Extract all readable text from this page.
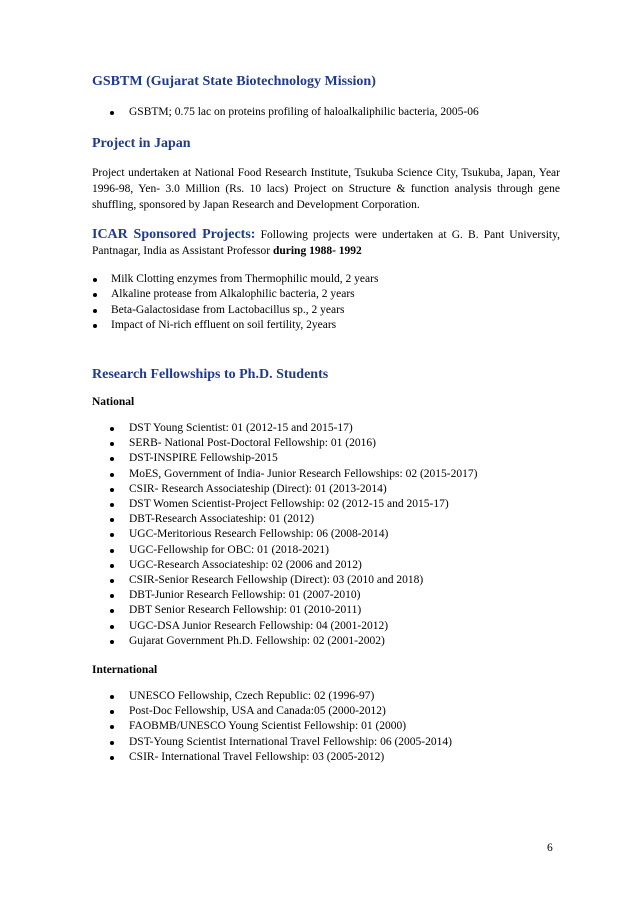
GSBTM (Gujarat State Biotechnology Mission)
GSBTM; 0.75 lac on proteins profiling of haloalkaliphilic bacteria, 2005-06
Project in Japan

Project undertaken at National Food Research Institute, Tsukuba Science City, Tsukuba, Japan, Year 1996-98, Yen- 3.0 Million (Rs. 10 lacs) Project on Structure & function analysis through gene shuffling, sponsored by Japan Research and Development Corporation.

ICAR Sponsored Projects: Following projects were undertaken at G. B. Pant University, Pantnagar, India as Assistant Professor during 1988- 1992

Milk Clotting enzymes from Thermophilic mould, 2 years
Alkaline protease from Alkalophilic bacteria, 2 years
Beta-Galactosidase from Lactobacillus sp., 2 years
Impact of Ni-rich effluent on soil fertility, 2years
Research Fellowships to Ph.D. Students

National

DST Young Scientist: 01 (2012-15 and 2015-17)
SERB- National Post-Doctoral Fellowship: 01 (2016)
DST-INSPIRE Fellowship-2015
MoES, Government of India- Junior Research Fellowships: 02 (2015-2017)
CSIR- Research Associateship (Direct): 01 (2013-2014)
DST Women Scientist-Project Fellowship: 02 (2012-15 and 2015-17)
DBT-Research Associateship: 01 (2012)
UGC-Meritorious Research Fellowship: 06 (2008-2014)
UGC-Fellowship for OBC: 01 (2018-2021)
UGC-Research Associateship: 02 (2006 and 2012)
CSIR-Senior Research Fellowship (Direct): 03 (2010 and 2018)
DBT-Junior Research Fellowship: 01 (2007-2010)
DBT Senior Research Fellowship: 01 (2010-2011)
UGC-DSA Junior Research Fellowship: 04 (2001-2012)
Gujarat Government Ph.D. Fellowship: 02 (2001-2002)

International

UNESCO Fellowship, Czech Republic: 02 (1996-97)
Post-Doc Fellowship, USA and Canada:05 (2000-2012)
FAOBMB/UNESCO Young Scientist Fellowship: 01 (2000)
DST-Young Scientist International Travel Fellowship: 06 (2005-2014)
CSIR- International Travel Fellowship: 03 (2005-2012)
6
